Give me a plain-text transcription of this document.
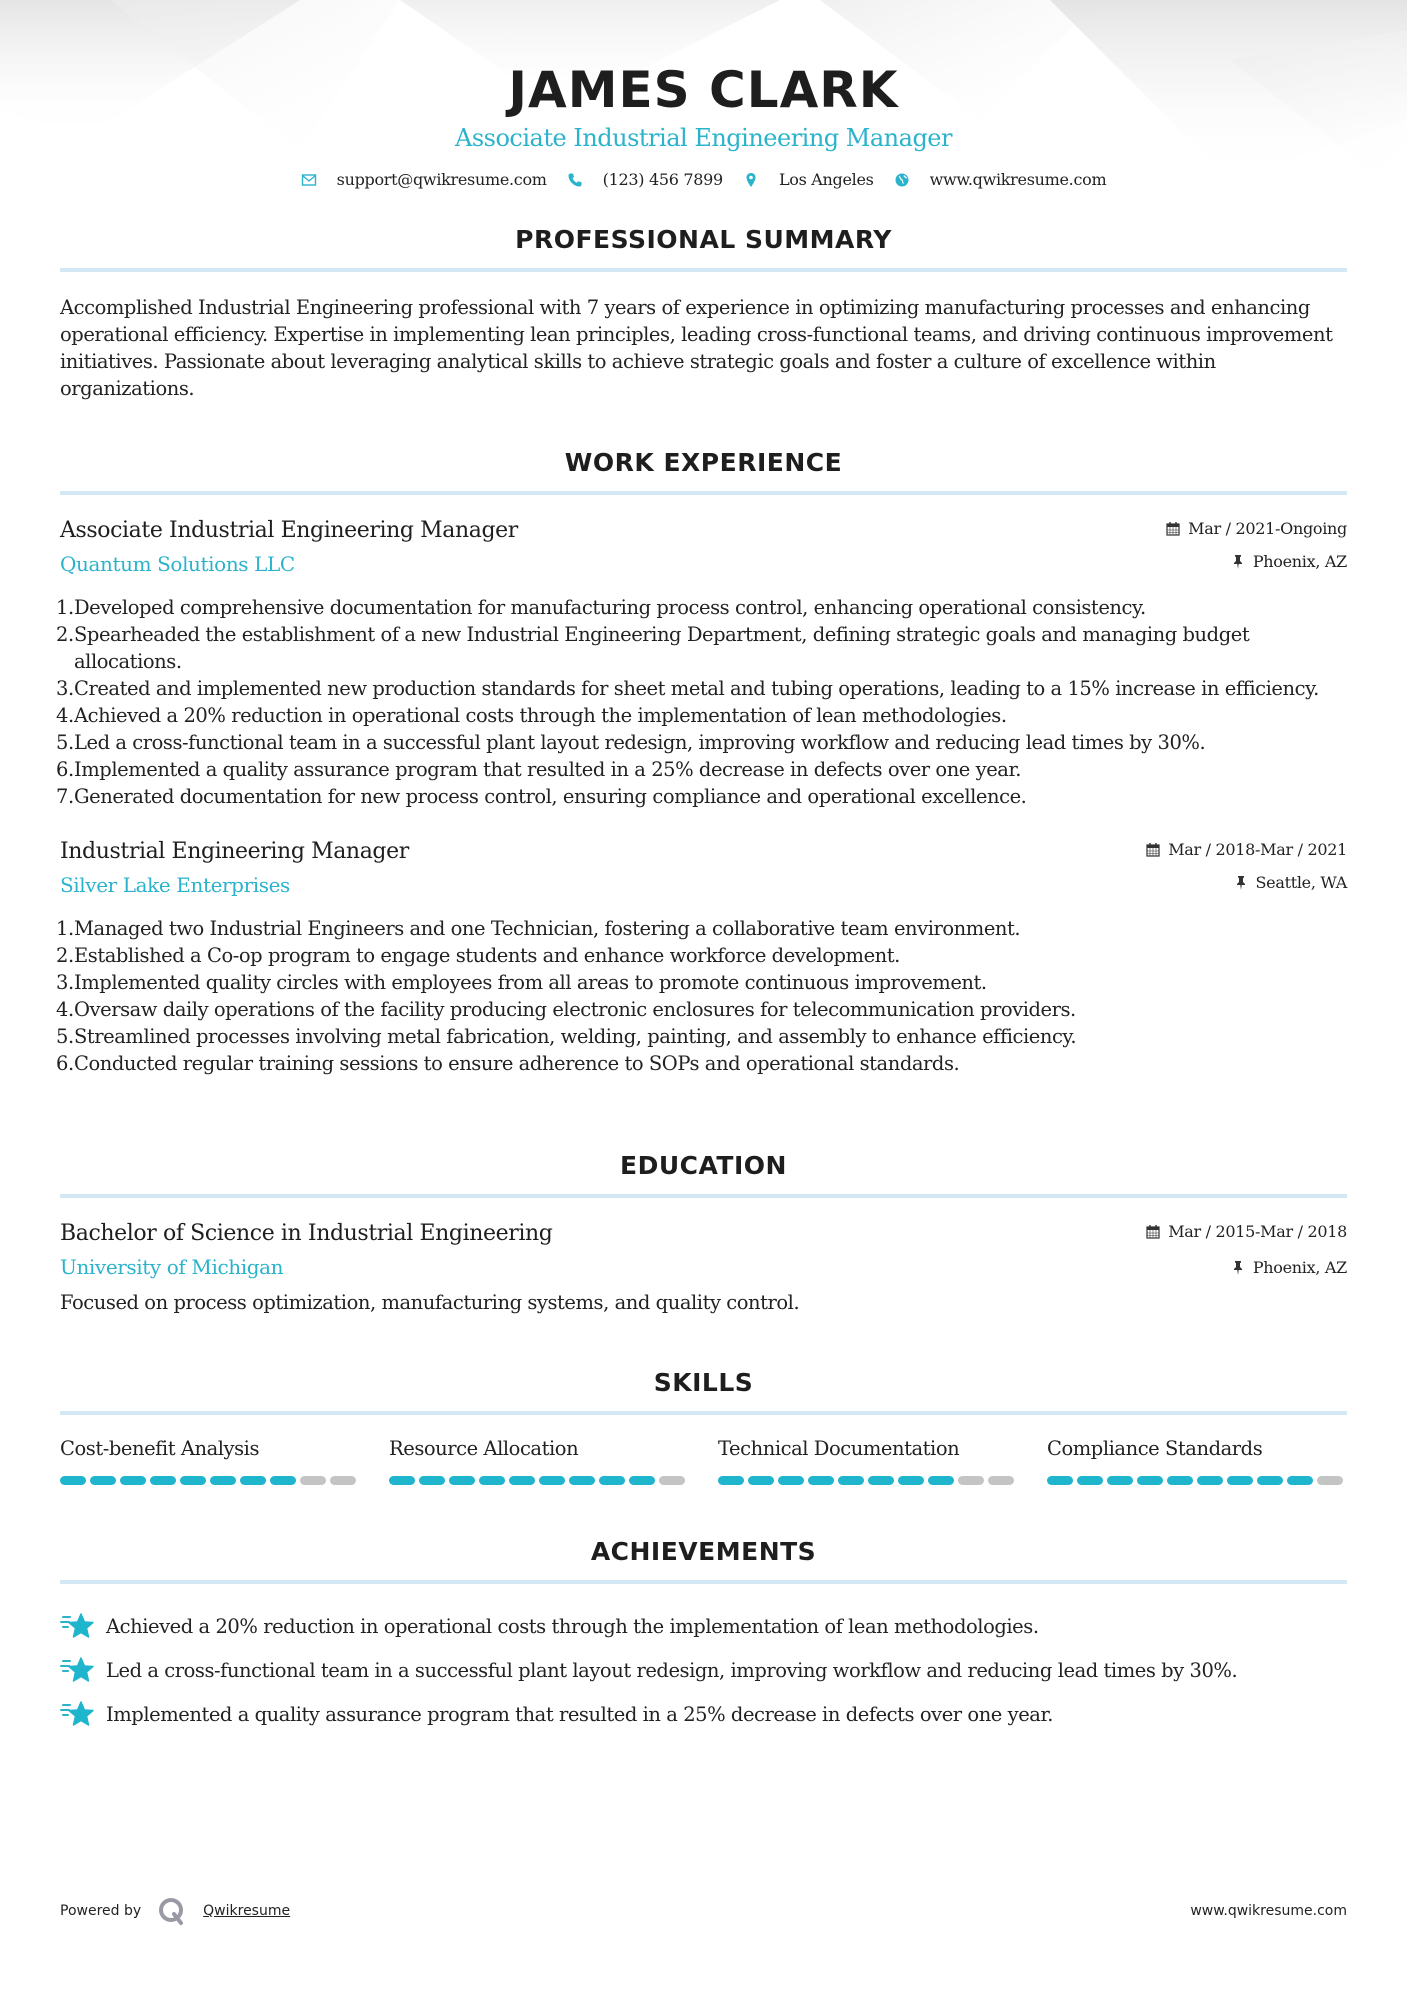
JAMES CLARK
Associate Industrial Engineering Manager
support@qwikresume.com	(123) 456 7899	Los Angeles	www.qwikresume.com
PROFESSIONAL SUMMARY

Accomplished Industrial Engineering professional with 7 years of experience in optimizing manufacturing processes and enhancing operational efficiency. Expertise in implementing lean principles, leading cross-functional teams, and driving continuous improvement initiatives. Passionate about leveraging analytical skills to achieve strategic goals and foster a culture of excellence within organizations.

WORK EXPERIENCE
Associate Industrial Engineering Manager
Quantum Solutions LLC
Mar / 2021-Ongoing
Phoenix, AZ
1. Developed comprehensive documentation for manufacturing process control, enhancing operational consistency.
2. Spearheaded the establishment of a new Industrial Engineering Department, defining strategic goals and managing budget allocations.
3. Created and implemented new production standards for sheet metal and tubing operations, leading to a 15% increase in efficiency.
4. Achieved a 20% reduction in operational costs through the implementation of lean methodologies.
5. Led a cross-functional team in a successful plant layout redesign, improving workflow and reducing lead times by 30%.
6. Implemented a quality assurance program that resulted in a 25% decrease in defects over one year.
7. Generated documentation for new process control, ensuring compliance and operational excellence.
Industrial Engineering Manager
Silver Lake Enterprises
Mar / 2018-Mar / 2021
Seattle, WA
1. Managed two Industrial Engineers and one Technician, fostering a collaborative team environment.
2. Established a Co-op program to engage students and enhance workforce development.
3. Implemented quality circles with employees from all areas to promote continuous improvement.
4. Oversaw daily operations of the facility producing electronic enclosures for telecommunication providers.
5. Streamlined processes involving metal fabrication, welding, painting, and assembly to enhance efficiency.
6. Conducted regular training sessions to ensure adherence to SOPs and operational standards.
EDUCATION
Bachelor of Science in Industrial Engineering
University of Michigan
Mar / 2015-Mar / 2018
Phoenix, AZ

Focused on process optimization, manufacturing systems, and quality control.

SKILLS
Cost-benefit Analysis	Resource Allocation	Technical Documentation	Compliance Standards
ACHIEVEMENTS
Achieved a 20% reduction in operational costs through the implementation of lean methodologies.
Led a cross-functional team in a successful plant layout redesign, improving workflow and reducing lead times by 30%.
Implemented a quality assurance program that resulted in a 25% decrease in defects over one year.
Powered by	Qwikresume	www.qwikresume.com
